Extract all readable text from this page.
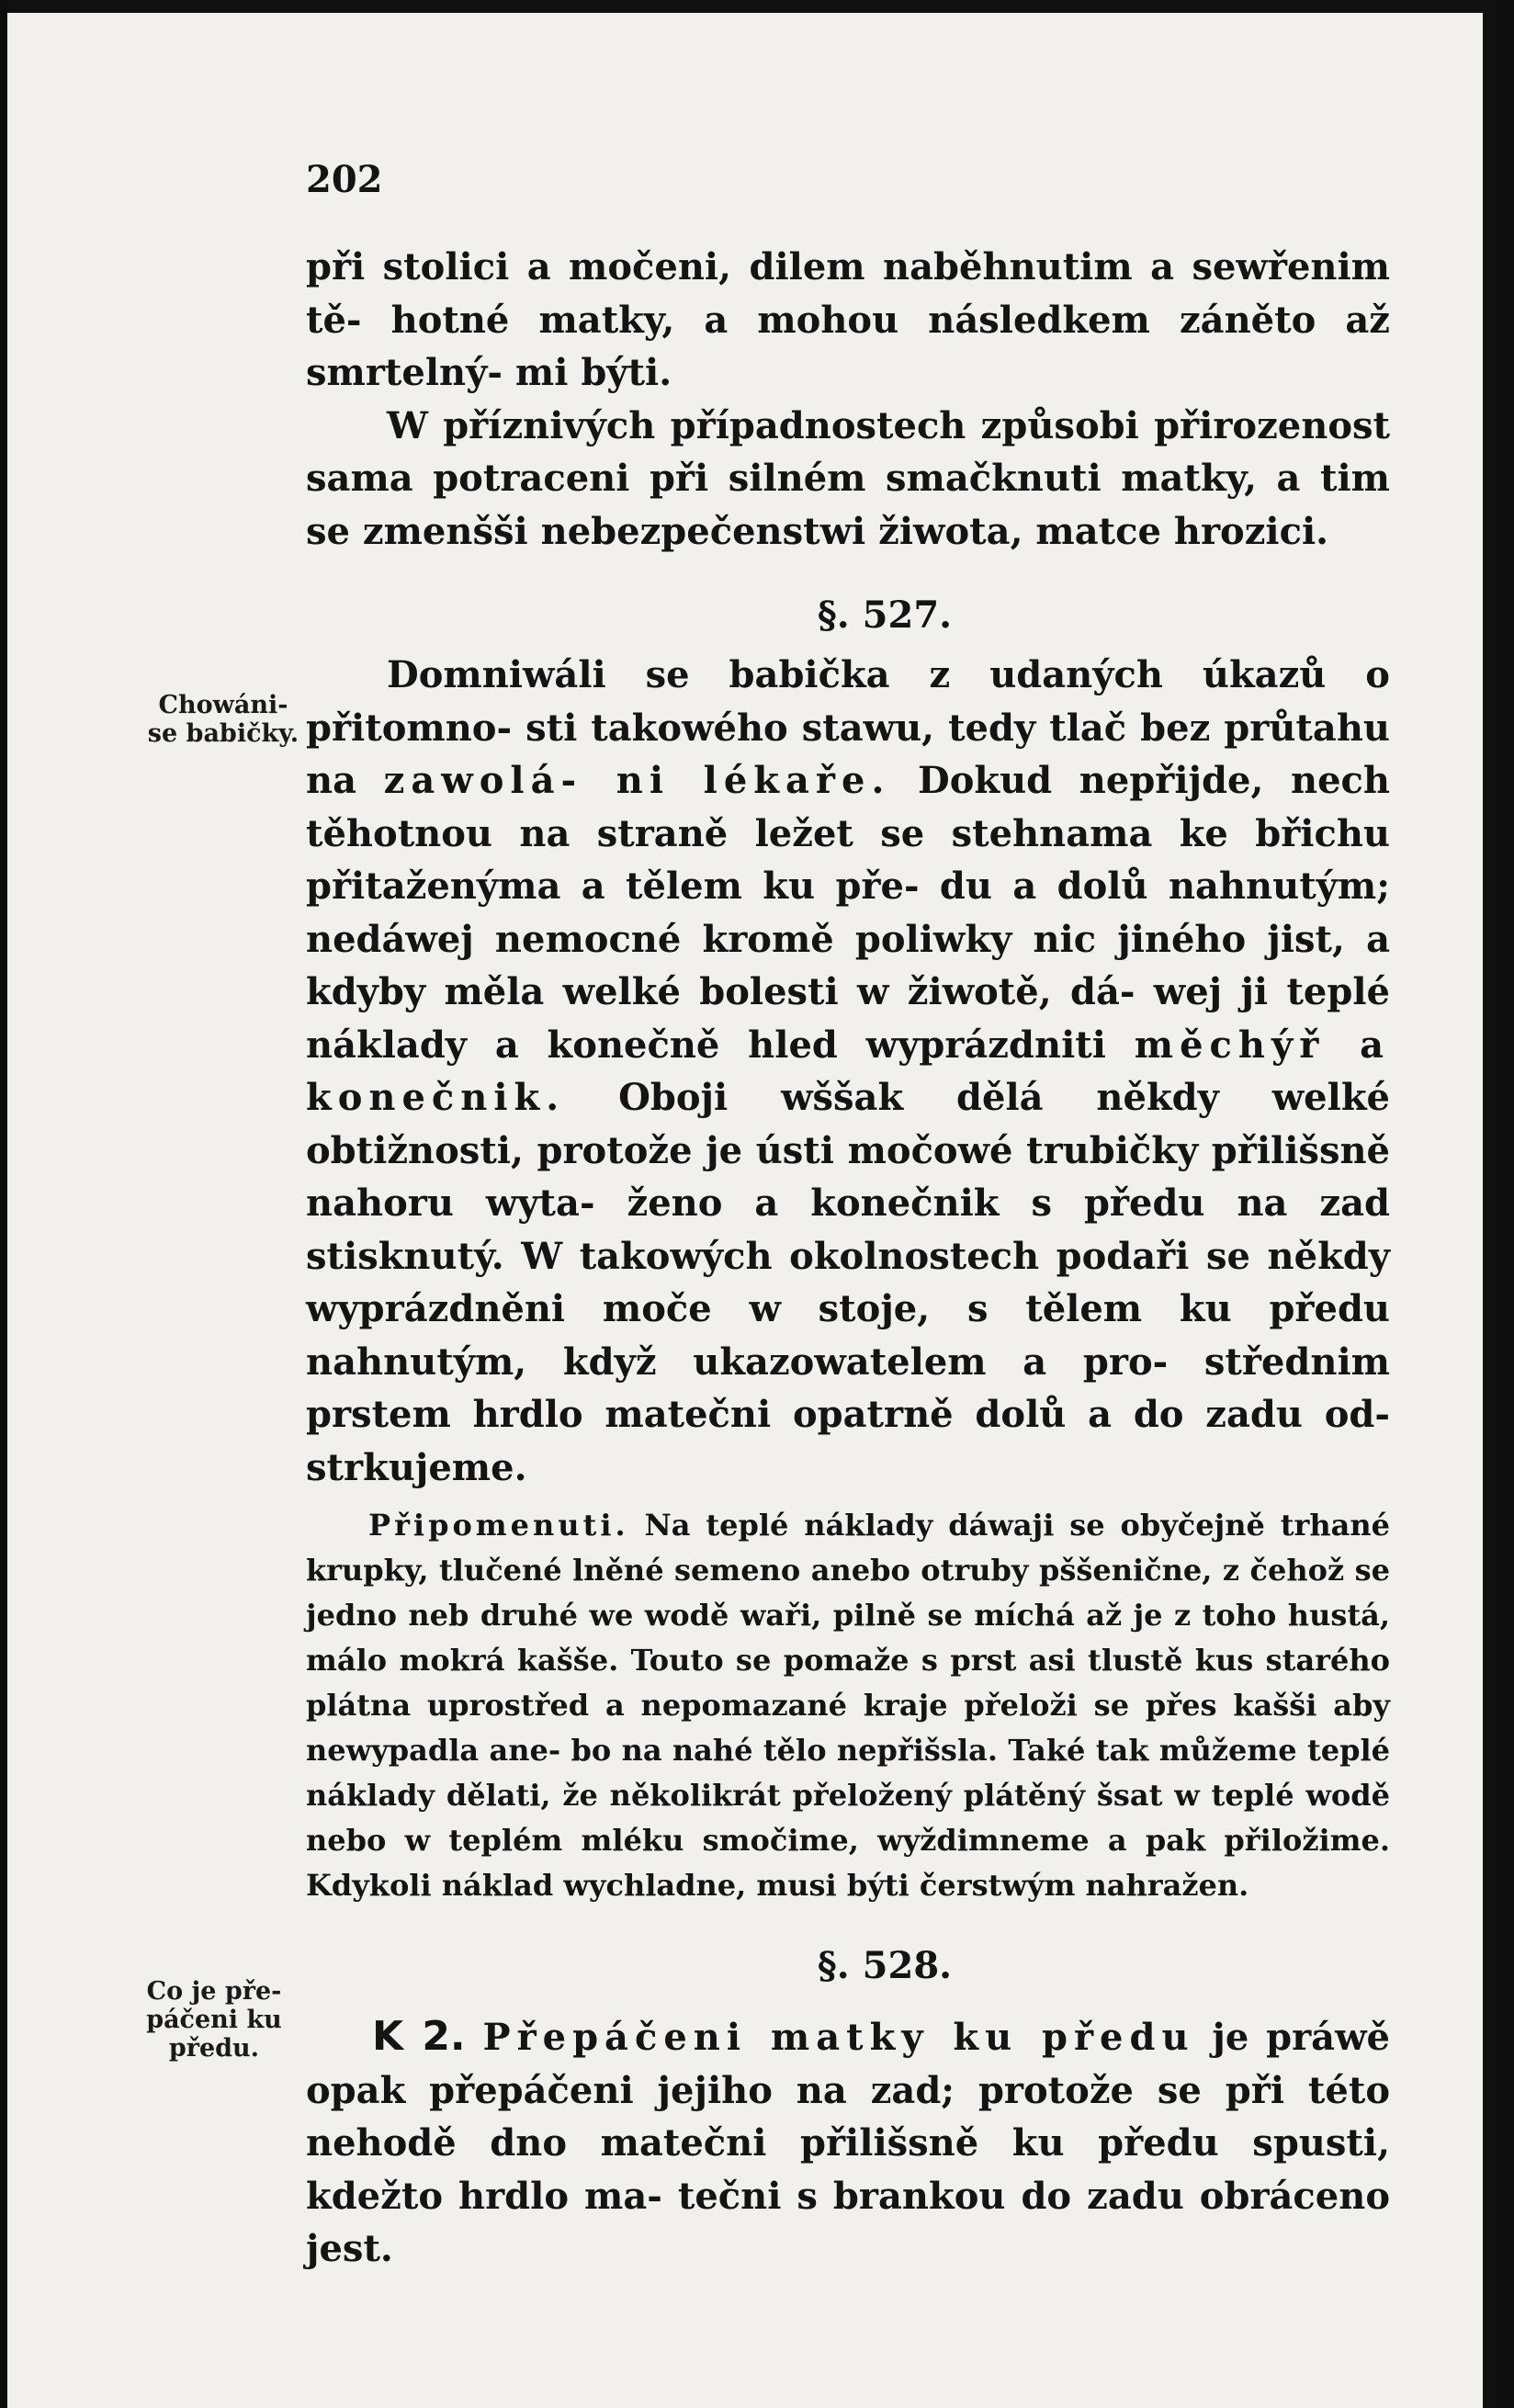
202
Chowáni-
se babičky.
Co je pře-
páčeni ku
předu.

při stolici a močeni, dilem naběhnutim a sewřenim tě- hotné matky, a mohou následkem záněto až smrtelný- mi býti.

W příznivých případnostech způsobi přirozenost sama potraceni při silném smačknuti matky, a tim se zmenšši nebezpečenstwi žiwota, matce hrozici.

§. 527.

Domniwáli se babička z udaných úkazů o přitomno- sti takowého stawu, tedy tlač bez průtahu na zawolá- ni lékaře. Dokud nepřijde, nech těhotnou na straně ležet se stehnama ke břichu přitaženýma a tělem ku pře- du a dolů nahnutým; nedáwej nemocné kromě poliwky nic jiného jist, a kdyby měla welké bolesti w žiwotě, dá- wej ji teplé náklady a konečně hled wyprázdniti měchýř a konečnik. Oboji wššak dělá někdy welké obtižnosti, protože je ústi močowé trubičky přilišsně nahoru wyta- ženo a konečnik s předu na zad stisknutý. W takowých okolnostech podaři se někdy wyprázdněni moče w stoje, s tělem ku předu nahnutým, když ukazowatelem a pro- střednim prstem hrdlo matečni opatrně dolů a do zadu od- strkujeme.

Připomenuti. Na teplé náklady dáwaji se obyčejně trhané krupky, tlučené lněné semeno anebo otruby pššenične, z čehož se jedno neb druhé we wodě waři, pilně se míchá až je z toho hustá, málo mokrá kašše. Touto se pomaže s prst asi tlustě kus starého plátna uprostřed a nepomazané kraje přeloži se přes kašši aby newypadla ane- bo na nahé tělo nepřišsla. Také tak můžeme teplé náklady dělati, že několikrát přeložený plátěný šsat w teplé wodě nebo w teplém mléku smočime, wyždimneme a pak přiložime. Kdykoli náklad wychladne, musi býti čerstwým nahražen.

§. 528.

K 2. Přepáčeni matky ku předu je práwě opak přepáčeni jejiho na zad; protože se při této nehodě dno matečni přilišsně ku předu spusti, kdežto hrdlo ma- tečni s brankou do zadu obráceno jest.
